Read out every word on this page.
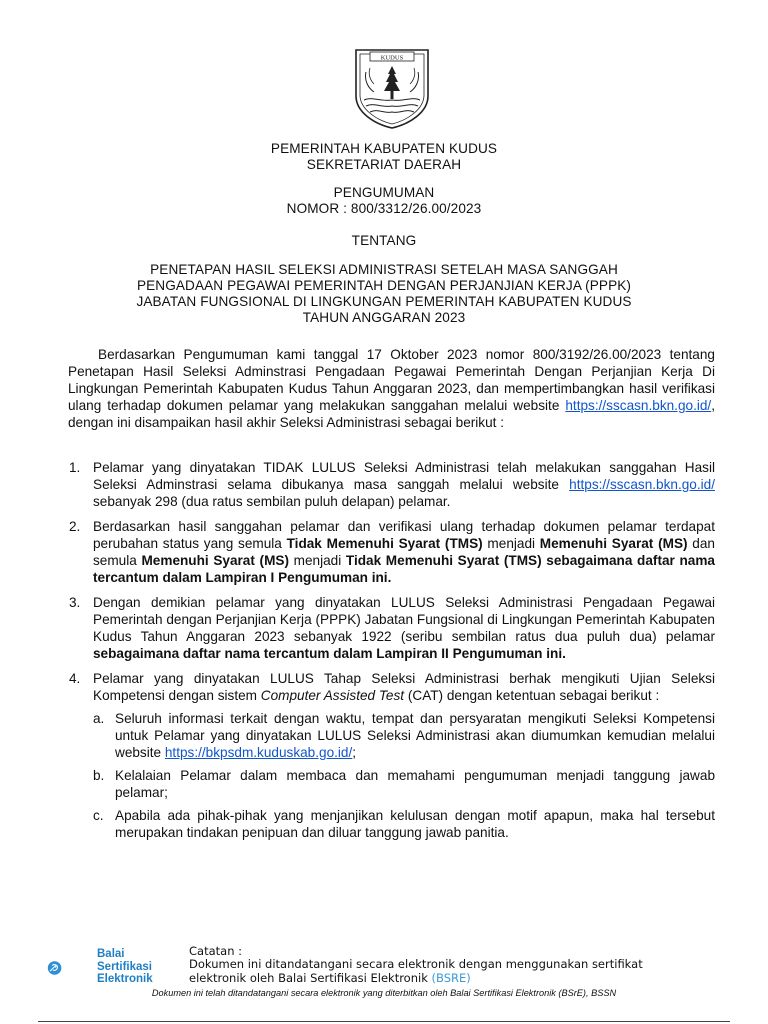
KUDUS
PEMERINTAH KABUPATEN KUDUS
SEKRETARIAT DAERAH
PENGUMUMAN
NOMOR : 800/3312/26.00/2023
TENTANG
PENETAPAN HASIL SELEKSI ADMINISTRASI SETELAH MASA SANGGAH
PENGADAAN PEGAWAI PEMERINTAH DENGAN PERJANJIAN KERJA (PPPK)
JABATAN FUNGSIONAL DI LINGKUNGAN PEMERINTAH KABUPATEN KUDUS
TAHUN ANGGARAN 2023
Berdasarkan Pengumuman kami tanggal 17 Oktober 2023 nomor 800/3192/26.00/2023 tentang Penetapan Hasil Seleksi Adminstrasi Pengadaan Pegawai Pemerintah Dengan Perjanjian Kerja Di Lingkungan Pemerintah Kabupaten Kudus Tahun Anggaran 2023, dan mempertimbangkan hasil verifikasi ulang terhadap dokumen pelamar yang melakukan sanggahan melalui website https://sscasn.bkn.go.id/, dengan ini disampaikan hasil akhir Seleksi Administrasi sebagai berikut :
1. Pelamar yang dinyatakan TIDAK LULUS Seleksi Administrasi telah melakukan sanggahan Hasil Seleksi Adminstrasi selama dibukanya masa sanggah melalui website https://sscasn.bkn.go.id/ sebanyak 298 (dua ratus sembilan puluh delapan) pelamar.
2. Berdasarkan hasil sanggahan pelamar dan verifikasi ulang terhadap dokumen pelamar terdapat perubahan status yang semula Tidak Memenuhi Syarat (TMS) menjadi Memenuhi Syarat (MS) dan semula Memenuhi Syarat (MS) menjadi Tidak Memenuhi Syarat (TMS) sebagaimana daftar nama tercantum dalam Lampiran I Pengumuman ini.
3. Dengan demikian pelamar yang dinyatakan LULUS Seleksi Administrasi Pengadaan Pegawai Pemerintah dengan Perjanjian Kerja (PPPK) Jabatan Fungsional di Lingkungan Pemerintah Kabupaten Kudus Tahun Anggaran 2023 sebanyak 1922 (seribu sembilan ratus dua puluh dua) pelamar sebagaimana daftar nama tercantum dalam Lampiran II Pengumuman ini.
4. Pelamar yang dinyatakan LULUS Tahap Seleksi Administrasi berhak mengikuti Ujian Seleksi Kompetensi dengan sistem Computer Assisted Test (CAT) dengan ketentuan sebagai berikut :
a. Seluruh informasi terkait dengan waktu, tempat dan persyaratan mengikuti Seleksi Kompetensi untuk Pelamar yang dinyatakan LULUS Seleksi Administrasi akan diumumkan kemudian melalui website https://bkpsdm.kuduskab.go.id/;
b. Kelalaian Pelamar dalam membaca dan memahami pengumuman menjadi tanggung jawab pelamar;
c. Apabila ada pihak-pihak yang menjanjikan kelulusan dengan motif apapun, maka hal tersebut merupakan tindakan penipuan dan diluar tanggung jawab panitia.
Balai
Sertifikasi
Elektronik
Catatan :
Dokumen ini ditandatangani secara elektronik dengan menggunakan sertifikat
elektronik oleh Balai Sertifikasi Elektronik (BSRE)
Dokumen ini telah ditandatangani secara elektronik yang diterbitkan oleh Balai Sertifikasi Elektronik (BSrE), BSSN
